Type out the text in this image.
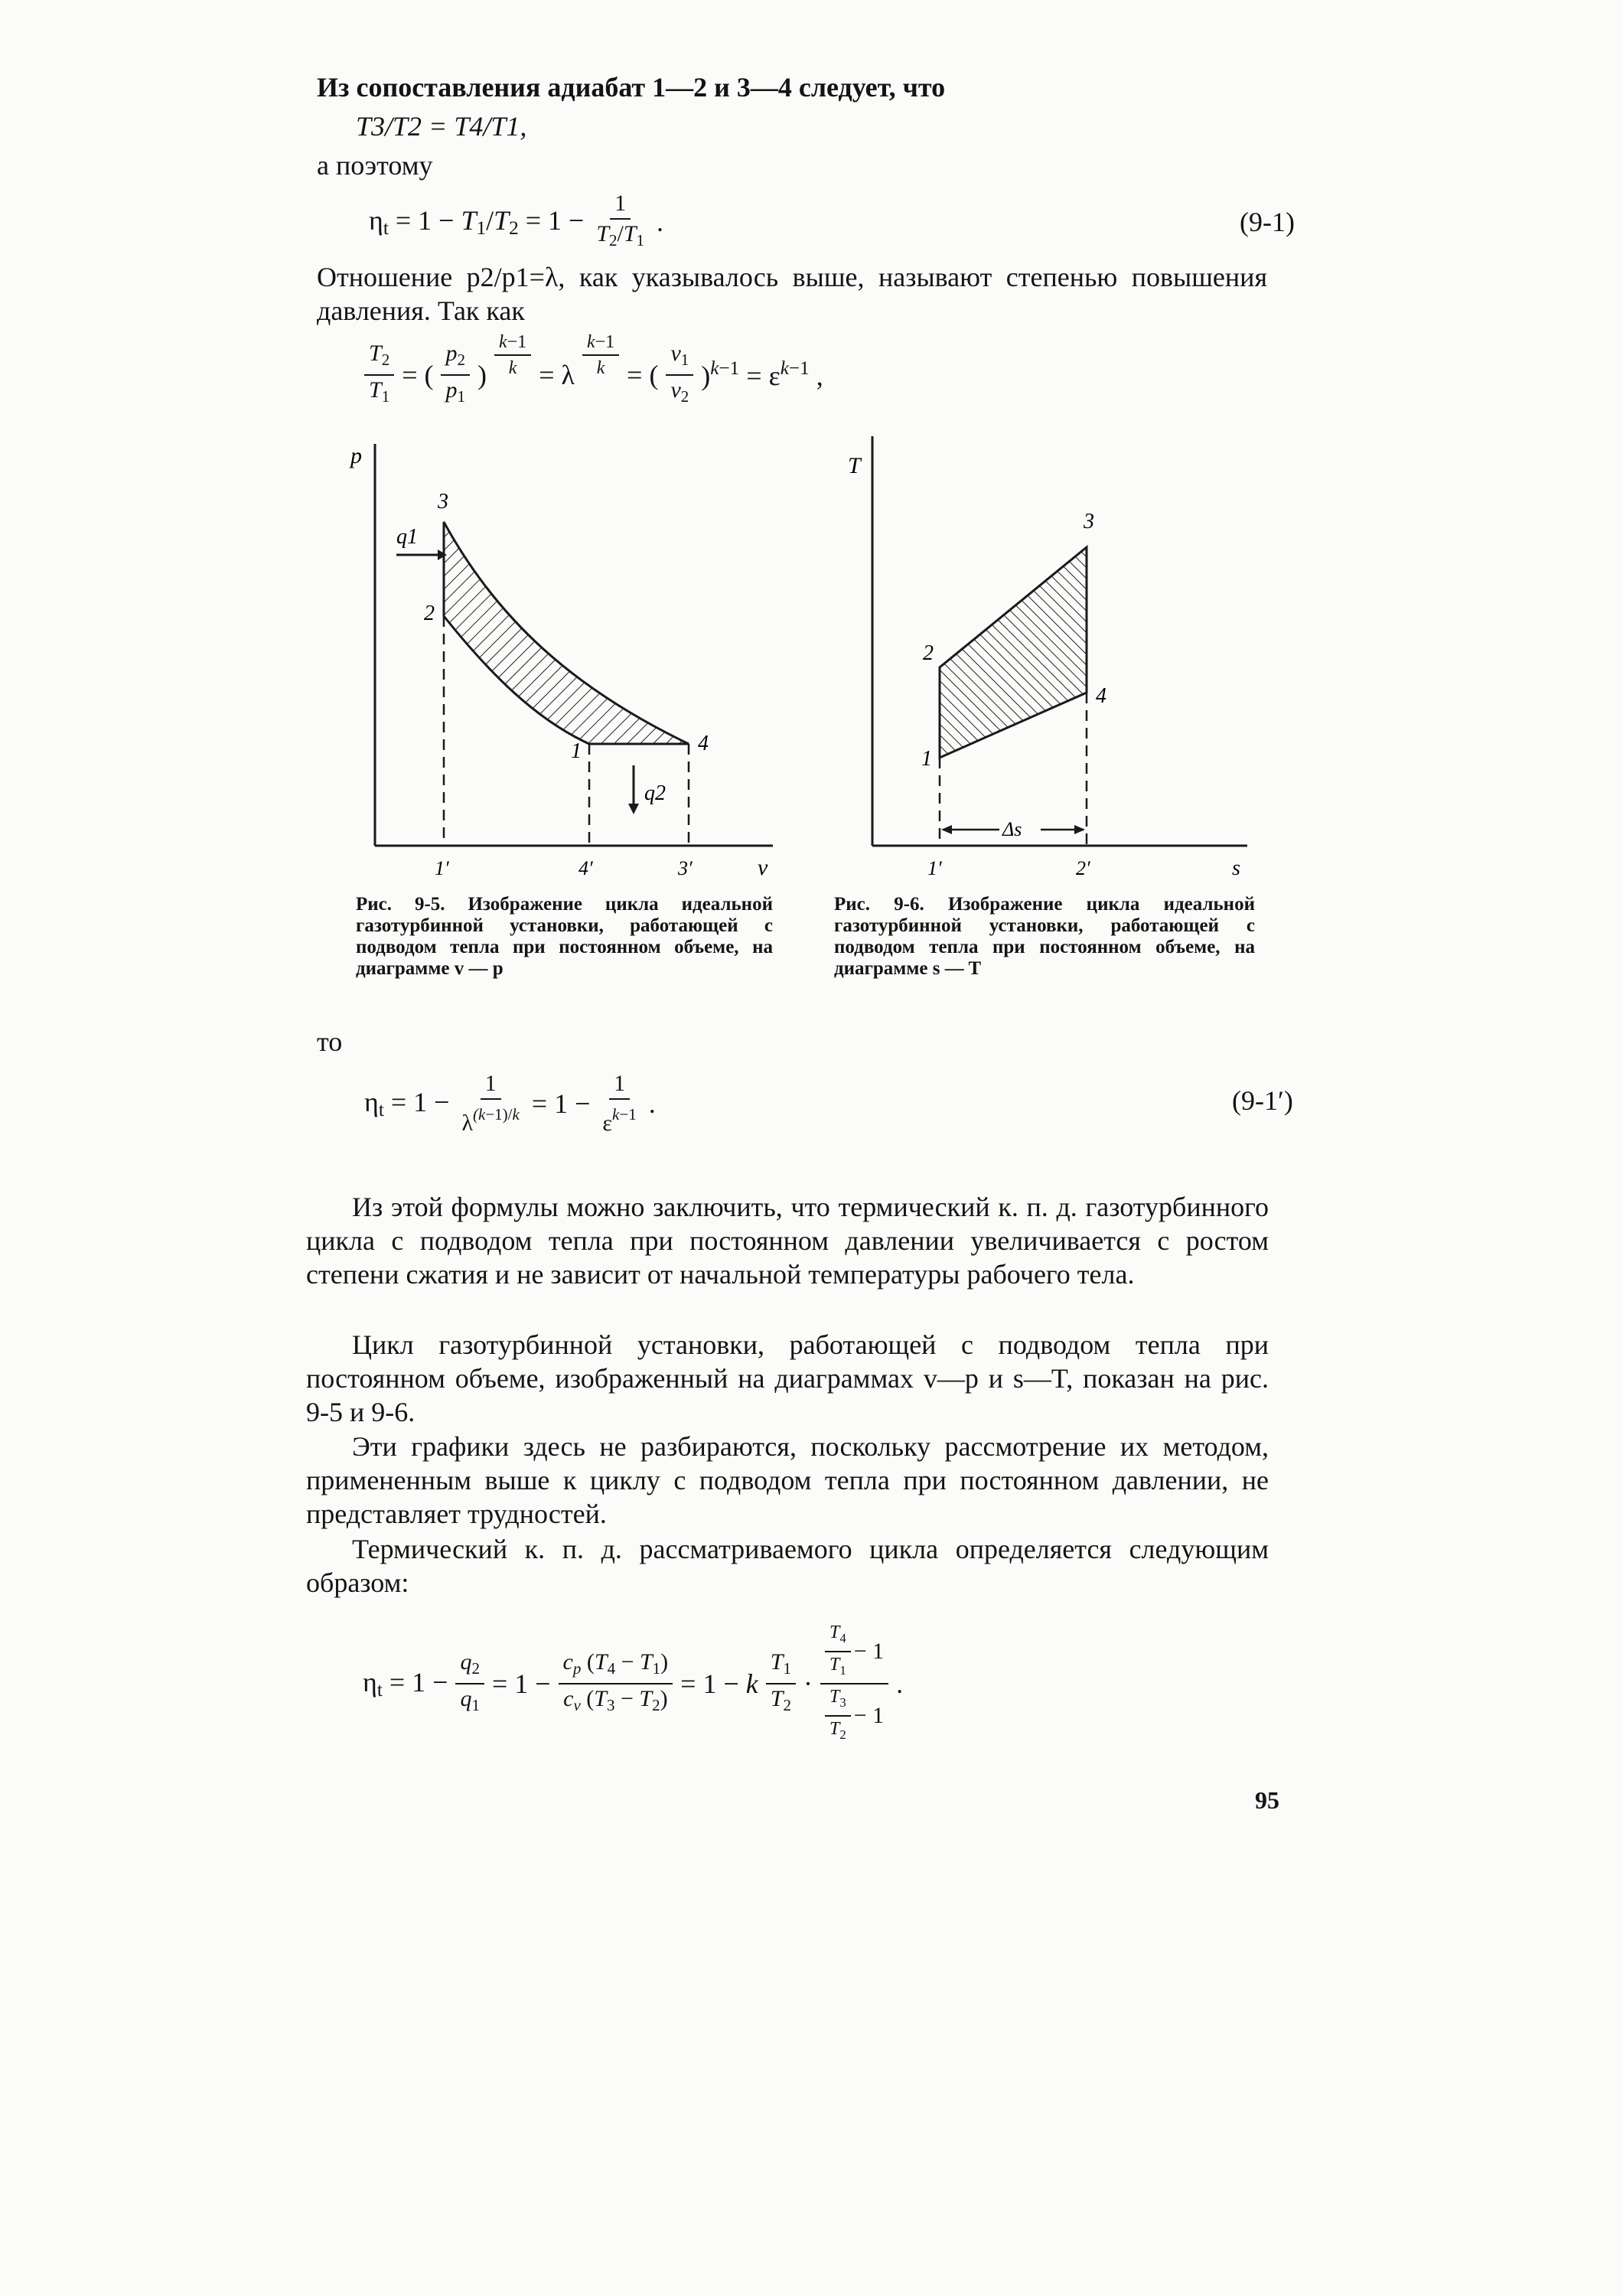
Из сопоставления адиабат 1—2 и 3—4 следует, что
T3/T2 = T4/T1,
а поэтому
$\eta_t = 1 - T_1/T_2 = 1 - \frac{1}{T_2/T_1}$ .	(9-1)

Отношение p2/p1=λ, как указывалось выше, называют степенью повышения давления. Так как

$\frac{T_2}{T_1}$ = ( $\frac{p_2}{p_1}$ ) $\frac{k-1}{k} = \lambda \frac{k-1}{k}$ = ( $\frac{v_1}{v_2} )^{k-1} = \varepsilon^{k-1}$ ,
p
v
q1
q2
3
2
1	4
1′	4′	3′
T
s
Δs
3
2
1
4
1′	2′
Рис. 9-5. Изображение цикла идеальной газотурбинной установки, работающей с подводом тепла при постоянном объеме, на диаграмме v — p
Рис. 9-6. Изображение цикла идеальной газотурбинной установки, работающей с подводом тепла при постоянном объеме, на диаграмме s — T
то
$\eta_t = 1 - \frac{1}{\lambda^{(k-1)/k}} = 1 - \frac{1}{\varepsilon^{k-1}}$ .	(9-1′)

Из этой формулы можно заключить, что термический к. п. д. газотурбинного цикла с подводом тепла при постоянном давлении увеличивается с ростом степени сжатия и не зависит от начальной температуры рабочего тела.

Цикл газотурбинной установки, работающей с подводом тепла при постоянном объеме, изображенный на диаграммах v—p и s—T, показан на рис. 9-5 и 9-6.

Эти графики здесь не разбираются, поскольку рассмотрение их методом, примененным выше к циклу с подводом тепла при постоянном давлении, не представляет трудностей.

Термический к. п. д. рассматриваемого цикла определяется следующим образом:

$\eta_t = 1 - \frac{q_2}{q_1} = 1 - \frac{c_p (T_4 - T_1)}{c_v (T_3 - T_2)} = 1 - k \frac{T_1}{T_2} \cdot \frac{\frac{T_4}{T_1} - 1}{\frac{T_3}{T_2} - 1}$ .
95
